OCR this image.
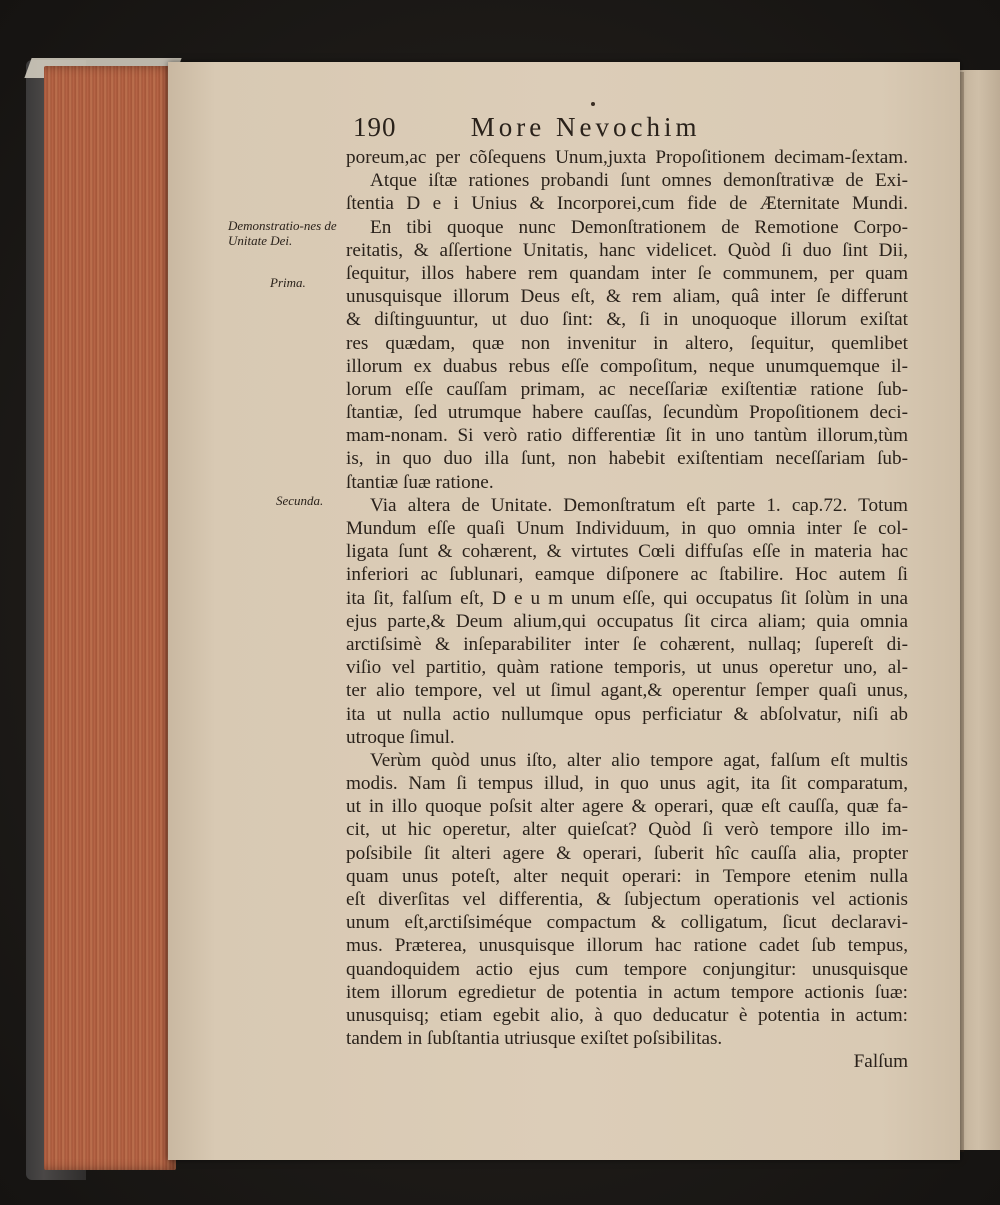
190	More Nevochim
Demonstratio-nes de Unitate Dei.
Prima.
Secunda.
poreum,ac per cõſequens Unum,juxta Propoſitionem decimam-ſextam.
Atque iſtæ rationes probandi ſunt omnes demonſtrativæ de Exi-
ſtentia D e i Unius & Incorporei,cum fide de Æternitate Mundi.
En tibi quoque nunc Demonſtrationem de Remotione Corpo-
reitatis, & aſſertione Unitatis, hanc videlicet. Quòd ſi duo ſint Dii,
ſequitur, illos habere rem quandam inter ſe communem, per quam
unusquisque illorum Deus eſt, & rem aliam, quâ inter ſe differunt
& diſtinguuntur, ut duo ſint: &, ſi in unoquoque illorum exiſtat
res quædam, quæ non invenitur in altero, ſequitur, quemlibet
illorum ex duabus rebus eſſe compoſitum, neque unumquemque il-
lorum eſſe cauſſam primam, ac neceſſariæ exiſtentiæ ratione ſub-
ſtantiæ, ſed utrumque habere cauſſas, ſecundùm Propoſitionem deci-
mam-nonam. Si verò ratio differentiæ ſit in uno tantùm illorum,tùm
is, in quo duo illa ſunt, non habebit exiſtentiam neceſſariam ſub-
ſtantiæ ſuæ ratione.
Via altera de Unitate. Demonſtratum eſt parte 1. cap.72. Totum
Mundum eſſe quaſi Unum Individuum, in quo omnia inter ſe col-
ligata ſunt & cohærent, & virtutes Cœli diffuſas eſſe in materia hac
inferiori ac ſublunari, eamque diſponere ac ſtabilire. Hoc autem ſi
ita ſit, falſum eſt, D e u m unum eſſe, qui occupatus ſit ſolùm in una
ejus parte,& Deum alium,qui occupatus ſit circa aliam; quia omnia
arctiſsimè & inſeparabiliter inter ſe cohærent, nullaq; ſupereſt di-
viſio vel partitio, quàm ratione temporis, ut unus operetur uno, al-
ter alio tempore, vel ut ſimul agant,& operentur ſemper quaſi unus,
ita ut nulla actio nullumque opus perficiatur & abſolvatur, niſi ab
utroque ſimul.
Verùm quòd unus iſto, alter alio tempore agat, falſum eſt multis
modis. Nam ſi tempus illud, in quo unus agit, ita ſit comparatum,
ut in illo quoque poſsit alter agere & operari, quæ eſt cauſſa, quæ fa-
cit, ut hic operetur, alter quieſcat? Quòd ſi verò tempore illo im-
poſsibile ſit alteri agere & operari, ſuberit hîc cauſſa alia, propter
quam unus poteſt, alter nequit operari: in Tempore etenim nulla
eſt diverſitas vel differentia, & ſubjectum operationis vel actionis
unum eſt,arctiſsiméque compactum & colligatum, ſicut declaravi-
mus. Præterea, unusquisque illorum hac ratione cadet ſub tempus,
quandoquidem actio ejus cum tempore conjungitur: unusquisque
item illorum egredietur de potentia in actum tempore actionis ſuæ:
unusquisq; etiam egebit alio, à quo deducatur è potentia in actum:
tandem in ſubſtantia utriusque exiſtet poſsibilitas.
Falſum
